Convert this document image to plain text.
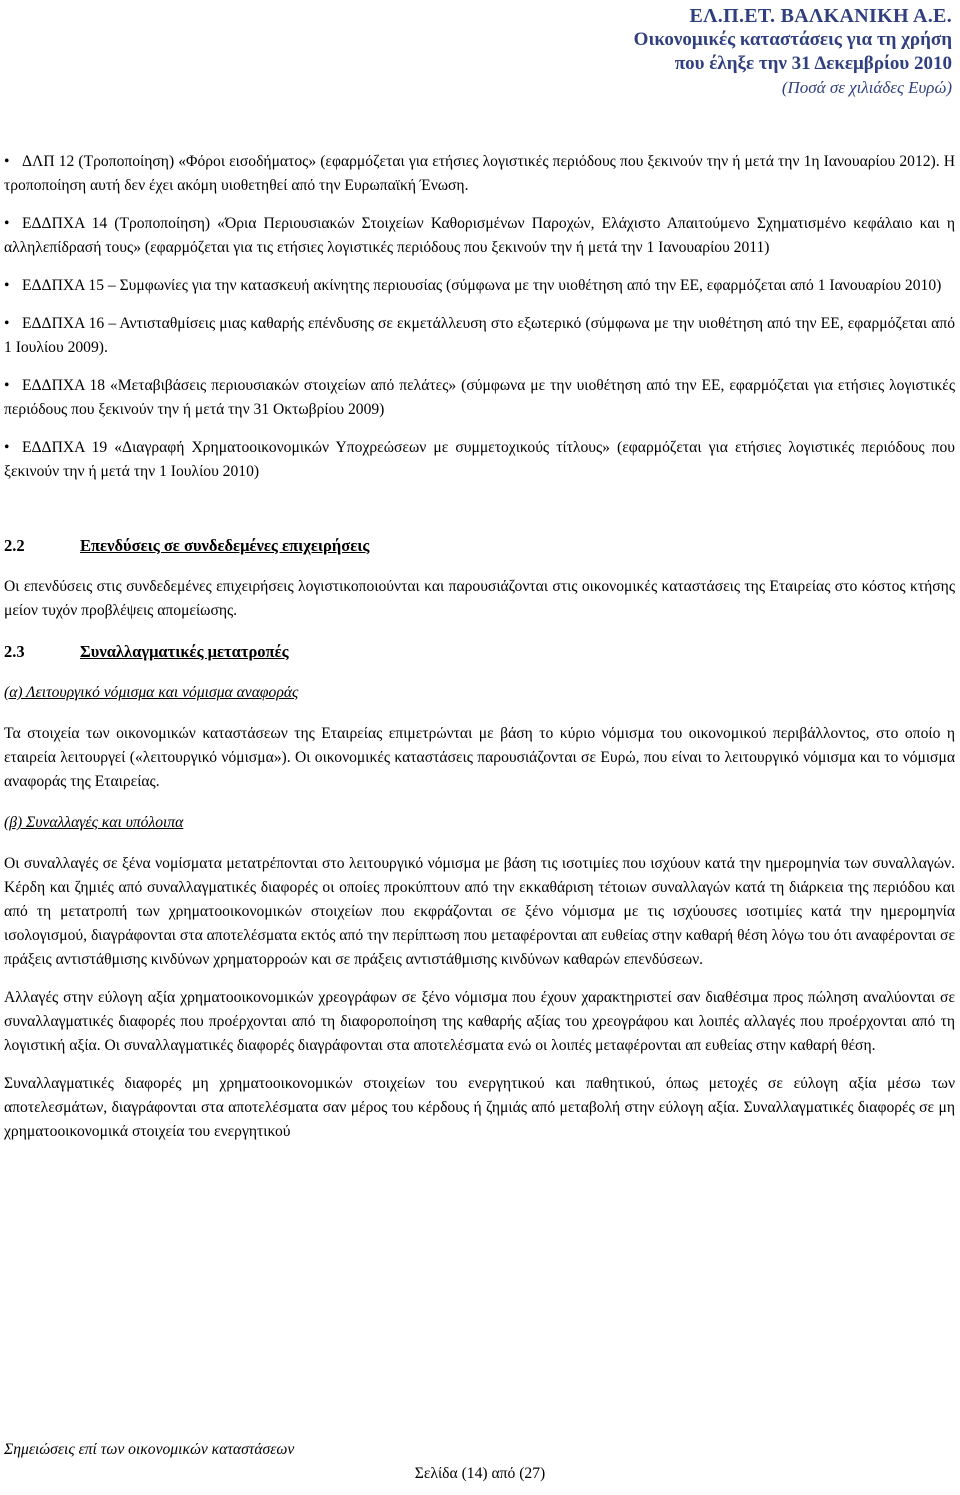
ΕΛ.Π.ΕΤ. ΒΑΛΚΑΝΙΚΗ Α.Ε.
Οικονομικές καταστάσεις για τη χρήση
που έληξε την 31 Δεκεμβρίου 2010
(Ποσά σε χιλιάδες Ευρώ)
• ΔΛΠ 12 (Τροποποίηση) «Φόροι εισοδήματος» (εφαρμόζεται για ετήσιες λογιστικές περιόδους που ξεκινούν την ή μετά την 1η Ιανουαρίου 2012). Η τροποποίηση αυτή δεν έχει ακόμη υιοθετηθεί από την Ευρωπαϊκή Ένωση.
• ΕΔΔΠΧΑ 14 (Τροποποίηση) «Όρια Περιουσιακών Στοιχείων Καθορισμένων Παροχών, Ελάχιστο Απαιτούμενο Σχηματισμένο κεφάλαιο και η αλληλεπίδρασή τους» (εφαρμόζεται για τις ετήσιες λογιστικές περιόδους που ξεκινούν την ή μετά την 1 Ιανουαρίου 2011)
• ΕΔΔΠΧΑ 15 – Συμφωνίες για την κατασκευή ακίνητης περιουσίας (σύμφωνα με την υιοθέτηση από την ΕΕ, εφαρμόζεται από 1 Ιανουαρίου 2010)
• ΕΔΔΠΧΑ 16 – Αντισταθμίσεις μιας καθαρής επένδυσης σε εκμετάλλευση στο εξωτερικό (σύμφωνα με την υιοθέτηση από την ΕΕ, εφαρμόζεται από 1 Ιουλίου 2009).
• ΕΔΔΠΧΑ 18 «Μεταβιβάσεις περιουσιακών στοιχείων από πελάτες» (σύμφωνα με την υιοθέτηση από την ΕΕ, εφαρμόζεται για ετήσιες λογιστικές περιόδους που ξεκινούν την ή μετά την 31 Οκτωβρίου 2009)
• ΕΔΔΠΧΑ 19 «Διαγραφή Χρηματοοικονομικών Υποχρεώσεων με συμμετοχικούς τίτλους» (εφαρμόζεται για ετήσιες λογιστικές περιόδους που ξεκινούν την ή μετά την 1 Ιουλίου 2010)
2.2	Επενδύσεις σε συνδεδεμένες επιχειρήσεις

Οι επενδύσεις στις συνδεδεμένες επιχειρήσεις λογιστικοποιούνται και παρουσιάζονται στις οικονομικές καταστάσεις της Εταιρείας στο κόστος κτήσης μείον τυχόν προβλέψεις απομείωσης.

2.3	Συναλλαγματικές μετατροπές

(α) Λειτουργικό νόμισμα και νόμισμα αναφοράς

Τα στοιχεία των οικονομικών καταστάσεων της Εταιρείας επιμετρώνται με βάση το κύριο νόμισμα του οικονομικού περιβάλλοντος, στο οποίο η εταιρεία λειτουργεί («λειτουργικό νόμισμα»). Οι οικονομικές καταστάσεις παρουσιάζονται σε Ευρώ, που είναι το λειτουργικό νόμισμα και το νόμισμα αναφοράς της Εταιρείας.

(β) Συναλλαγές και υπόλοιπα

Οι συναλλαγές σε ξένα νομίσματα μετατρέπονται στο λειτουργικό νόμισμα με βάση τις ισοτιμίες που ισχύουν κατά την ημερομηνία των συναλλαγών. Κέρδη και ζημιές από συναλλαγματικές διαφορές οι οποίες προκύπτουν από την εκκαθάριση τέτοιων συναλλαγών κατά τη διάρκεια της περιόδου και από τη μετατροπή των χρηματοοικονομικών στοιχείων που εκφράζονται σε ξένο νόμισμα με τις ισχύουσες ισοτιμίες κατά την ημερομηνία ισολογισμού, διαγράφονται στα αποτελέσματα εκτός από την περίπτωση που μεταφέρονται απ ευθείας στην καθαρή θέση λόγω του ότι αναφέρονται σε πράξεις αντιστάθμισης κινδύνων χρηματορροών και σε πράξεις αντιστάθμισης κινδύνων καθαρών επενδύσεων.

Αλλαγές στην εύλογη αξία χρηματοοικονομικών χρεογράφων σε ξένο νόμισμα που έχουν χαρακτηριστεί σαν διαθέσιμα προς πώληση αναλύονται σε συναλλαγματικές διαφορές που προέρχονται από τη διαφοροποίηση της καθαρής αξίας του χρεογράφου και λοιπές αλλαγές που προέρχονται από τη λογιστική αξία. Οι συναλλαγματικές διαφορές διαγράφονται στα αποτελέσματα ενώ οι λοιπές μεταφέρονται απ ευθείας στην καθαρή θέση.

Συναλλαγματικές διαφορές μη χρηματοοικονομικών στοιχείων του ενεργητικού και παθητικού, όπως μετοχές σε εύλογη αξία μέσω των αποτελεσμάτων, διαγράφονται στα αποτελέσματα σαν μέρος του κέρδους ή ζημιάς από μεταβολή στην εύλογη αξία. Συναλλαγματικές διαφορές σε μη χρηματοοικονομικά στοιχεία του ενεργητικού

Σημειώσεις επί των οικονομικών καταστάσεων
Σελίδα (14) από (27)
